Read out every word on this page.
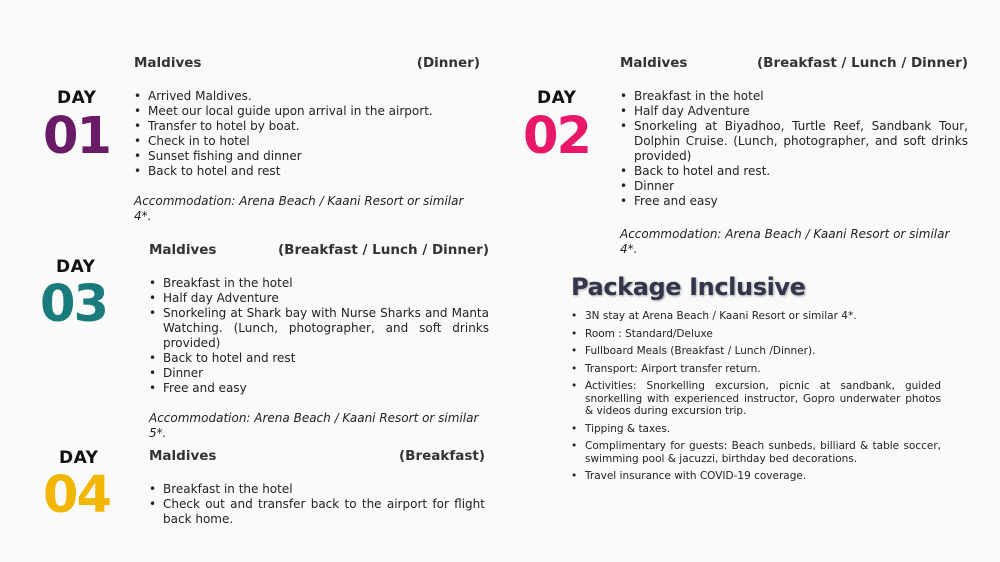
DAY
01
Maldives	(Dinner)
• Arrived Maldives.
• Meet our local guide upon arrival in the airport.
• Transfer to hotel by boat.
• Check in to hotel
• Sunset fishing and dinner
• Back to hotel and rest
Accommodation: Arena Beach / Kaani Resort or similar 4*.
DAY
02
Maldives	(Breakfast / Lunch / Dinner)
• Breakfast in the hotel
• Half day Adventure
• Snorkeling at Biyadhoo, Turtle Reef, Sandbank Tour, Dolphin Cruise. (Lunch, photographer, and soft drinks provided)
• Back to hotel and rest.
• Dinner
• Free and easy
Accommodation: Arena Beach / Kaani Resort or similar 4*.
DAY
03
Maldives	(Breakfast / Lunch / Dinner)
• Breakfast in the hotel
• Half day Adventure
• Snorkeling at Shark bay with Nurse Sharks and Manta Watching. (Lunch, photographer, and soft drinks provided)
• Back to hotel and rest
• Dinner
• Free and easy
Accommodation: Arena Beach / Kaani Resort or similar 5*.
DAY
04
Maldives	(Breakfast)
• Breakfast in the hotel
• Check out and transfer back to the airport for flight back home.
Package Inclusive
• 3N stay at Arena Beach / Kaani Resort or similar 4*.
• Room : Standard/Deluxe
• Fullboard Meals (Breakfast / Lunch /Dinner).
• Transport: Airport transfer return.
• Activities: Snorkelling excursion, picnic at sandbank, guided snorkelling with experienced instructor, Gopro underwater photos & videos during excursion trip.
• Tipping & taxes.
• Complimentary for guests: Beach sunbeds, billiard & table soccer, swimming pool & jacuzzi, birthday bed decorations.
• Travel insurance with COVID-19 coverage.
